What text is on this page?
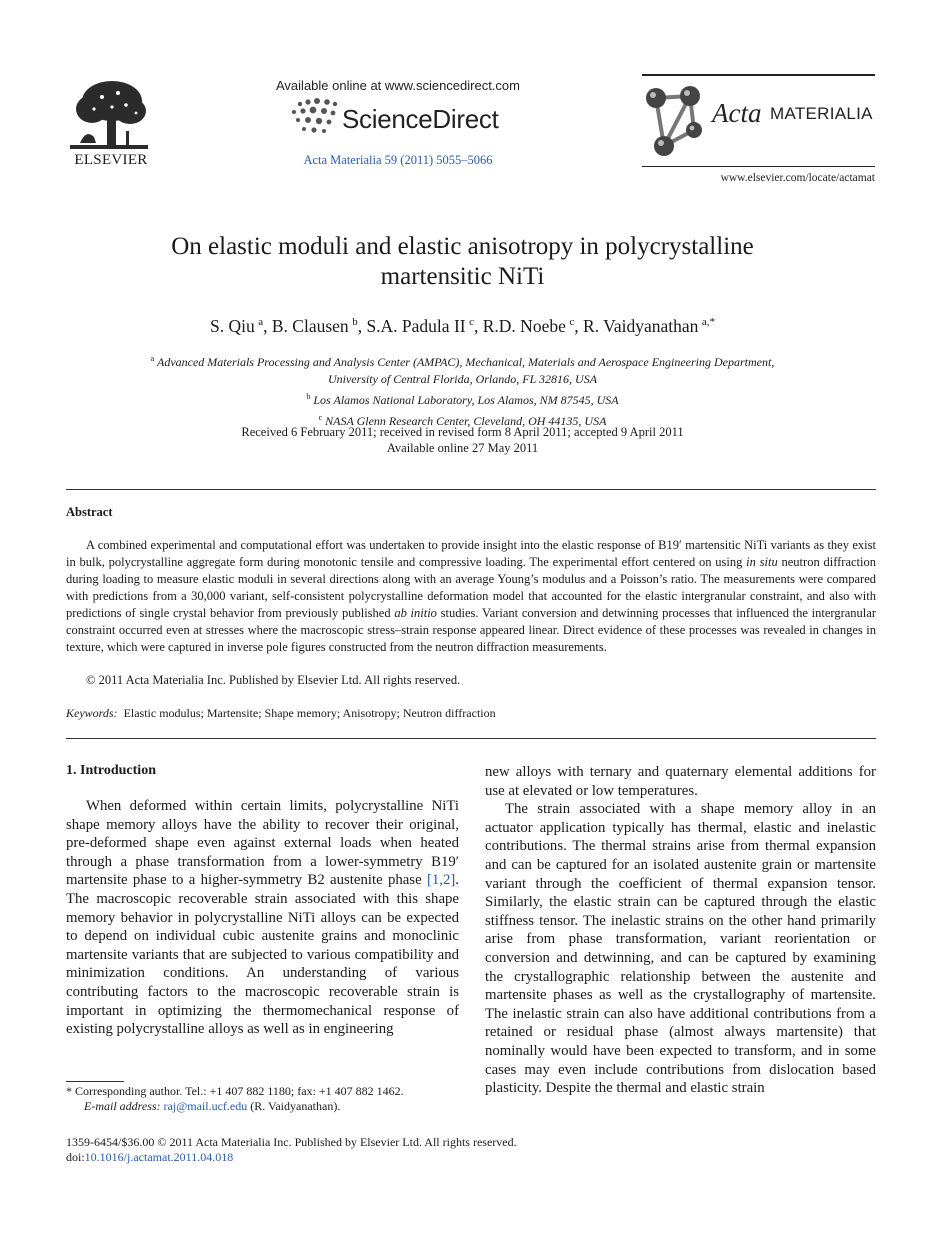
ELSEVIER
Available online at www.sciencedirect.com
ScienceDirect
Acta Materialia 59 (2011) 5055–5066
Acta MATERIALIA
www.elsevier.com/locate/actamat
On elastic moduli and elastic anisotropy in polycrystalline
martensitic NiTi
S. Qiu  $^a$, B. Clausen  $^b$, S.A. Padula II  $^c$, R.D. Noebe  $^c$, R. Vaidyanathan  $^{a,*}$
$^a$ Advanced Materials Processing and Analysis Center (AMPAC), Mechanical, Materials and Aerospace Engineering Department,
University of Central Florida, Orlando, FL 32816, USA
$^b$ Los Alamos National Laboratory, Los Alamos, NM 87545, USA
$^c$ NASA Glenn Research Center, Cleveland, OH 44135, USA
Received 6 February 2011; received in revised form 8 April 2011; accepted 9 April 2011
Available online 27 May 2011
Abstract

A combined experimental and computational effort was undertaken to provide insight into the elastic response of B19′ martensitic NiTi variants as they exist in bulk, polycrystalline aggregate form during monotonic tensile and compressive loading. The experimental effort centered on using in situ neutron diffraction during loading to measure elastic moduli in several directions along with an average Young’s modulus and a Poisson’s ratio. The measurements were compared with predictions from a 30,000 variant, self-consistent polycrystalline deformation model that accounted for the elastic intergranular constraint, and also with predictions of single crystal behavior from previously published ab initio studies. Variant conversion and detwinning processes that influenced the intergranular constraint occurred even at stresses where the macroscopic stress–strain response appeared linear. Direct evidence of these processes was revealed in changes in texture, which were captured in inverse pole figures constructed from the neutron diffraction measurements.

© 2011 Acta Materialia Inc. Published by Elsevier Ltd. All rights reserved.
Keywords: Elastic modulus; Martensite; Shape memory; Anisotropy; Neutron diffraction
1. Introduction

When deformed within certain limits, polycrystalline NiTi shape memory alloys have the ability to recover their original, pre-deformed shape even against external loads when heated through a phase transformation from a lower-symmetry B19′ martensite phase to a higher-symmetry B2 austenite phase [1,2]. The macroscopic recoverable strain associated with this shape memory behavior in polycrystalline NiTi alloys can be expected to depend on individual cubic austenite grains and monoclinic martensite variants that are subjected to various compatibility and minimization conditions. An understanding of various contributing factors to the macroscopic recoverable strain is important in optimizing the thermomechanical response of existing polycrystalline alloys as well as in engineering

new alloys with ternary and quaternary elemental additions for use at elevated or low temperatures.

The strain associated with a shape memory alloy in an actuator application typically has thermal, elastic and inelastic contributions. The thermal strains arise from thermal expansion and can be captured for an isolated austenite grain or martensite variant through the coefficient of thermal expansion tensor. Similarly, the elastic strain can be captured through the elastic stiffness tensor. The inelastic strains on the other hand primarily arise from phase transformation, variant reorientation or conversion and detwinning, and can be captured by examining the crystallographic relationship between the austenite and martensite phases as well as the crystallography of martensite. The inelastic strain can also have additional contributions from a retained or residual phase (almost always martensite) that nominally would have been expected to transform, and in some cases may even include contributions from dislocation based plasticity. Despite the thermal and elastic strain

* Corresponding author. Tel.: +1 407 882 1180; fax: +1 407 882 1462.
E-mail address: raj@mail.ucf.edu (R. Vaidyanathan).
1359-6454/$36.00 © 2011 Acta Materialia Inc. Published by Elsevier Ltd. All rights reserved.
doi:10.1016/j.actamat.2011.04.018
